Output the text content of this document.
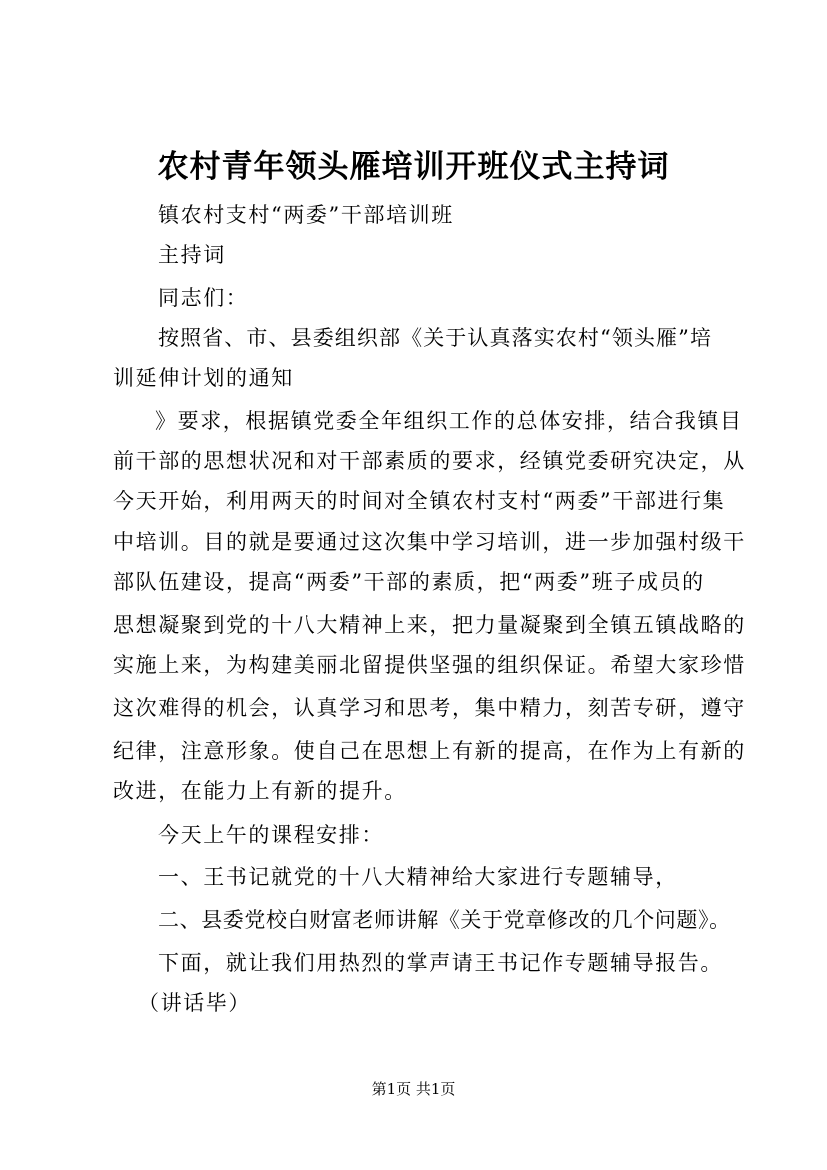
农村青年领头雁培训开班仪式主持词
镇农村支村“两委”干部培训班
主持词
同志们：
按照省、市、县委组织部《关于认真落实农村“领头雁”培
训延伸计划的通知
》要求，根据镇党委全年组织工作的总体安排，结合我镇目
前干部的思想状况和对干部素质的要求，经镇党委研究决定，从
今天开始，利用两天的时间对全镇农村支村“两委”干部进行集
中培训。目的就是要通过这次集中学习培训，进一步加强村级干
部队伍建设，提高“两委”干部的素质，把“两委”班子成员的
思想凝聚到党的十八大精神上来，把力量凝聚到全镇五镇战略的
实施上来，为构建美丽北留提供坚强的组织保证。希望大家珍惜
这次难得的机会，认真学习和思考，集中精力，刻苦专研，遵守
纪律，注意形象。使自己在思想上有新的提高，在作为上有新的
改进，在能力上有新的提升。
今天上午的课程安排：
一、王书记就党的十八大精神给大家进行专题辅导，
二、县委党校白财富老师讲解《关于党章修改的几个问题》。
下面，就让我们用热烈的掌声请王书记作专题辅导报告。
（讲话毕）
第1页 共1页
